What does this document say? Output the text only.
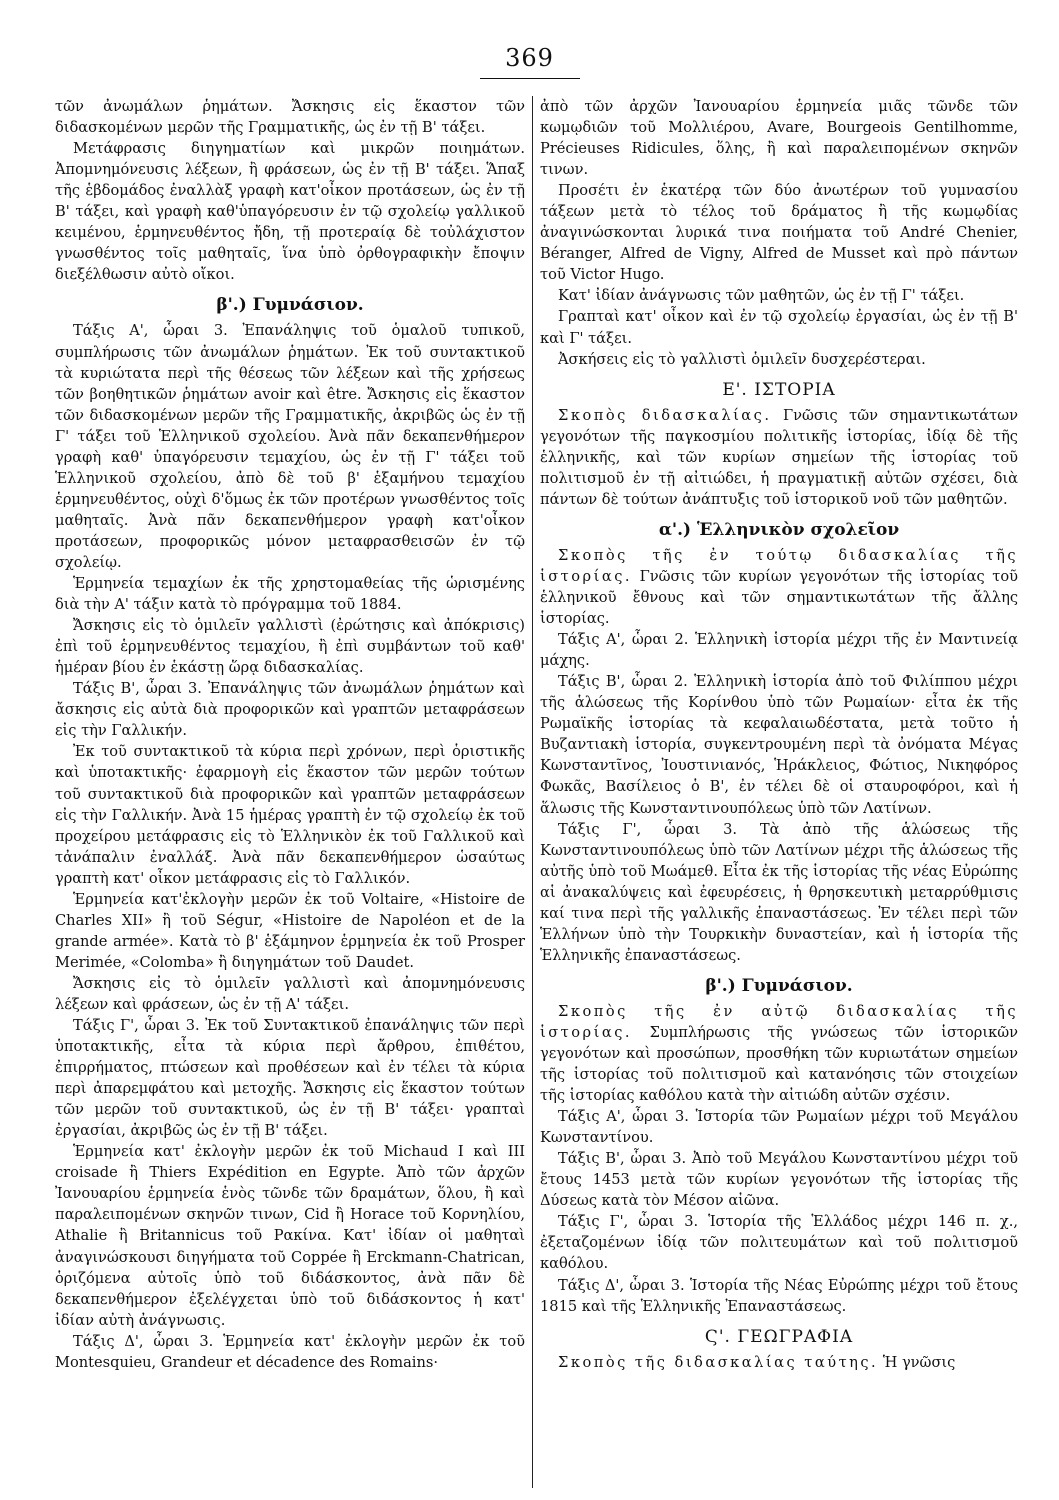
369

τῶν ἀνωμάλων ῥημάτων. Ἄσκησις εἰς ἕκαστον τῶν διδασκομένων μερῶν τῆς Γραμματικῆς, ὡς ἐν τῇ Β' τάξει.

Μετάφρασις διηγηματίων καὶ μικρῶν ποιημάτων. Ἀπομνημόνευσις λέξεων, ἢ φράσεων, ὡς ἐν τῇ Β' τάξει. Ἅπαξ τῆς ἑβδομάδος ἐναλλὰξ γραφὴ κατ'οἶκον προτάσεων, ὡς ἐν τῇ Β' τάξει, καὶ γραφὴ καθ'ὑπαγόρευσιν ἐν τῷ σχολείῳ γαλλικοῦ κειμένου, ἑρμηνευθέντος ἤδη, τῇ προτεραίᾳ δὲ τοὐλάχιστον γνωσθέντος τοῖς μαθηταῖς, ἵνα ὑπὸ ὀρθογραφικὴν ἔποψιν διεξέλθωσιν αὐτὸ οἴκοι.

β'.) Γυμνάσιον.

Τάξις Α', ὧραι 3. Ἐπανάληψις τοῦ ὁμαλοῦ τυπικοῦ, συμπλήρωσις τῶν ἀνωμάλων ῥημάτων. Ἐκ τοῦ συντακτικοῦ τὰ κυριώτατα περὶ τῆς θέσεως τῶν λέξεων καὶ τῆς χρήσεως τῶν βοηθητικῶν ῥημάτων avoir καὶ être. Ἄσκησις εἰς ἕκαστον τῶν διδασκομένων μερῶν τῆς Γραμματικῆς, ἀκριβῶς ὡς ἐν τῇ Γ' τάξει τοῦ Ἑλληνικοῦ σχολείου. Ἀνὰ πᾶν δεκαπενθήμερον γραφὴ καθ' ὑπαγόρευσιν τεμαχίου, ὡς ἐν τῇ Γ' τάξει τοῦ Ἑλληνικοῦ σχολείου, ἀπὸ δὲ τοῦ β' ἑξαμήνου τεμαχίου ἑρμηνευθέντος, οὐχὶ δ'ὅμως ἐκ τῶν προτέρων γνωσθέντος τοῖς μαθηταῖς. Ἀνὰ πᾶν δεκαπενθήμερον γραφὴ κατ'οἶκον προτάσεων, προφορικῶς μόνον μεταφρασθεισῶν ἐν τῷ σχολείῳ.

Ἑρμηνεία τεμαχίων ἐκ τῆς χρηστομαθείας τῆς ὡρισμένης διὰ τὴν Α' τάξιν κατὰ τὸ πρόγραμμα τοῦ 1884.

Ἄσκησις εἰς τὸ ὁμιλεῖν γαλλιστὶ (ἐρώτησις καὶ ἀπόκρισις) ἐπὶ τοῦ ἑρμηνευθέντος τεμαχίου, ἢ ἐπὶ συμβάντων τοῦ καθ' ἡμέραν βίου ἐν ἑκάστῃ ὥρᾳ διδασκαλίας.

Τάξις Β', ὧραι 3. Ἐπανάληψις τῶν ἀνωμάλων ῥημάτων καὶ ἄσκησις εἰς αὐτὰ διὰ προφορικῶν καὶ γραπτῶν μεταφράσεων εἰς τὴν Γαλλικήν.

Ἐκ τοῦ συντακτικοῦ τὰ κύρια περὶ χρόνων, περὶ ὁριστικῆς καὶ ὑποτακτικῆς· ἐφαρμογὴ εἰς ἕκαστον τῶν μερῶν τούτων τοῦ συντακτικοῦ διὰ προφορικῶν καὶ γραπτῶν μεταφράσεων εἰς τὴν Γαλλικήν. Ἀνὰ 15 ἡμέρας γραπτὴ ἐν τῷ σχολείῳ ἐκ τοῦ προχείρου μετάφρασις εἰς τὸ Ἑλληνικὸν ἐκ τοῦ Γαλλικοῦ καὶ τἀνάπαλιν ἐναλλάξ. Ἀνὰ πᾶν δεκαπενθήμερον ὡσαύτως γραπτὴ κατ' οἶκον μετάφρασις εἰς τὸ Γαλλικόν.

Ἑρμηνεία κατ'ἐκλογὴν μερῶν ἐκ τοῦ Voltaire, «Histoire de Charles XII» ἢ τοῦ Ségur, «Histoire de Napoléon et de la grande armée». Κατὰ τὸ β' ἑξάμηνον ἑρμηνεία ἐκ τοῦ Prosper Merimée, «Colomba» ἢ διηγημάτων τοῦ Daudet.

Ἄσκησις εἰς τὸ ὁμιλεῖν γαλλιστὶ καὶ ἀπομνημόνευσις λέξεων καὶ φράσεων, ὡς ἐν τῇ Α' τάξει.

Τάξις Γ', ὧραι 3. Ἐκ τοῦ Συντακτικοῦ ἐπανάληψις τῶν περὶ ὑποτακτικῆς, εἶτα τὰ κύρια περὶ ἄρθρου, ἐπιθέτου, ἐπιρρήματος, πτώσεων καὶ προθέσεων καὶ ἐν τέλει τὰ κύρια περὶ ἀπαρεμφάτου καὶ μετοχῆς. Ἄσκησις εἰς ἕκαστον τούτων τῶν μερῶν τοῦ συντακτικοῦ, ὡς ἐν τῇ Β' τάξει· γραπταὶ ἐργασίαι, ἀκριβῶς ὡς ἐν τῇ Β' τάξει.

Ἑρμηνεία κατ' ἐκλογὴν μερῶν ἐκ τοῦ Michaud I καὶ III croisade ἢ Thiers Expédition en Egypte. Ἀπὸ τῶν ἀρχῶν Ἰανουαρίου ἑρμηνεία ἑνὸς τῶνδε τῶν δραμάτων, ὅλου, ἢ καὶ παραλειπομένων σκηνῶν τινων, Cid ἢ Horace τοῦ Κορνηλίου, Athalie ἢ Britannicus τοῦ Ρακίνα. Κατ' ἰδίαν οἱ μαθηταὶ ἀναγινώσκουσι διηγήματα τοῦ Coppée ἢ Erckmann-Chatrican, ὁριζόμενα αὐτοῖς ὑπὸ τοῦ διδάσκοντος, ἀνὰ πᾶν δὲ δεκαπενθήμερον ἐξελέγχεται ὑπὸ τοῦ διδάσκοντος ἡ κατ' ἰδίαν αὐτὴ ἀνάγνωσις.

Τάξις Δ', ὧραι 3. Ἑρμηνεία κατ' ἐκλογὴν μερῶν ἐκ τοῦ Montesquieu, Grandeur et décadence des Romains·

ἀπὸ τῶν ἀρχῶν Ἰανουαρίου ἑρμηνεία μιᾶς τῶνδε τῶν κωμῳδιῶν τοῦ Μολλιέρου, Avare, Bourgeois Gentilhomme, Précieuses Ridicules, ὅλης, ἢ καὶ παραλειπομένων σκηνῶν τινων.

Προσέτι ἐν ἑκατέρᾳ τῶν δύο ἀνωτέρων τοῦ γυμνασίου τάξεων μετὰ τὸ τέλος τοῦ δράματος ἢ τῆς κωμῳδίας ἀναγινώσκονται λυρικά τινα ποιήματα τοῦ André Chenier, Béranger, Alfred de Vigny, Alfred de Musset καὶ πρὸ πάντων τοῦ Victor Hugo.

Κατ' ἰδίαν ἀνάγνωσις τῶν μαθητῶν, ὡς ἐν τῇ Γ' τάξει.

Γραπταὶ κατ' οἶκον καὶ ἐν τῷ σχολείῳ ἐργασίαι, ὡς ἐν τῇ Β' καὶ Γ' τάξει.

Ἀσκήσεις εἰς τὸ γαλλιστὶ ὁμιλεῖν δυσχερέστεραι.

Ε'. ΙΣΤΟΡΙΑ

Σκοπὸς διδασκαλίας. Γνῶσις τῶν σημαντικωτάτων γεγονότων τῆς παγκοσμίου πολιτικῆς ἱστορίας, ἰδίᾳ δὲ τῆς ἑλληνικῆς, καὶ τῶν κυρίων σημείων τῆς ἱστορίας τοῦ πολιτισμοῦ ἐν τῇ αἰτιώδει, ἡ πραγματικῇ αὐτῶν σχέσει, διὰ πάντων δὲ τούτων ἀνάπτυξις τοῦ ἱστορικοῦ νοῦ τῶν μαθητῶν.

α'.) Ἑλληνικὸν σχολεῖον

Σκοπὸς τῆς ἐν τούτῳ διδασκαλίας τῆς ἱστορίας. Γνῶσις τῶν κυρίων γεγονότων τῆς ἱστορίας τοῦ ἑλληνικοῦ ἔθνους καὶ τῶν σημαντικωτάτων τῆς ἄλλης ἱστορίας.

Τάξις Α', ὧραι 2. Ἑλληνικὴ ἱστορία μέχρι τῆς ἐν Μαντινείᾳ μάχης.

Τάξις Β', ὧραι 2. Ἑλληνικὴ ἱστορία ἀπὸ τοῦ Φιλίππου μέχρι τῆς ἁλώσεως τῆς Κορίνθου ὑπὸ τῶν Ρωμαίων· εἶτα ἐκ τῆς Ρωμαϊκῆς ἱστορίας τὰ κεφαλαιωδέστατα, μετὰ τοῦτο ἡ Βυζαντιακὴ ἱστορία, συγκεντρουμένη περὶ τὰ ὀνόματα Μέγας Κωνσταντῖνος, Ἰουστινιανός, Ἡράκλειος, Φώτιος, Νικηφόρος Φωκᾶς, Βασίλειος ὁ Β', ἐν τέλει δὲ οἱ σταυροφόροι, καὶ ἡ ἅλωσις τῆς Κωνσταντινουπόλεως ὑπὸ τῶν Λατίνων.

Τάξις Γ', ὧραι 3. Τὰ ἀπὸ τῆς ἁλώσεως τῆς Κωνσταντινουπόλεως ὑπὸ τῶν Λατίνων μέχρι τῆς ἁλώσεως τῆς αὐτῆς ὑπὸ τοῦ Μωάμεθ. Εἶτα ἐκ τῆς ἱστορίας τῆς νέας Εὐρώπης αἱ ἀνακαλύψεις καὶ ἐφευρέσεις, ἡ θρησκευτικὴ μεταρρύθμισις καί τινα περὶ τῆς γαλλικῆς ἐπαναστάσεως. Ἐν τέλει περὶ τῶν Ἑλλήνων ὑπὸ τὴν Τουρκικὴν δυναστείαν, καὶ ἡ ἱστορία τῆς Ἑλληνικῆς ἐπαναστάσεως.

β'.) Γυμνάσιον.

Σκοπὸς τῆς ἐν αὐτῷ διδασκαλίας τῆς ἱστορίας. Συμπλήρωσις τῆς γνώσεως τῶν ἱστορικῶν γεγονότων καὶ προσώπων, προσθήκη τῶν κυριωτάτων σημείων τῆς ἱστορίας τοῦ πολιτισμοῦ καὶ κατανόησις τῶν στοιχείων τῆς ἱστορίας καθόλου κατὰ τὴν αἰτιώδη αὐτῶν σχέσιν.

Τάξις Α', ὧραι 3. Ἱστορία τῶν Ρωμαίων μέχρι τοῦ Μεγάλου Κωνσταντίνου.

Τάξις Β', ὧραι 3. Ἀπὸ τοῦ Μεγάλου Κωνσταντίνου μέχρι τοῦ ἔτους 1453 μετὰ τῶν κυρίων γεγονότων τῆς ἱστορίας τῆς Δύσεως κατὰ τὸν Μέσον αἰῶνα.

Τάξις Γ', ὧραι 3. Ἱστορία τῆς Ἑλλάδος μέχρι 146 π. χ., ἐξεταζομένων ἰδίᾳ τῶν πολιτευμάτων καὶ τοῦ πολιτισμοῦ καθόλου.

Τάξις Δ', ὧραι 3. Ἱστορία τῆς Νέας Εὐρώπης μέχρι τοῦ ἔτους 1815 καὶ τῆς Ἑλληνικῆς Ἐπαναστάσεως.

Ϛ'. ΓΕΩΓΡΑΦΙΑ

Σκοπὸς τῆς διδασκαλίας ταύτης. Ἡ γνῶσις
